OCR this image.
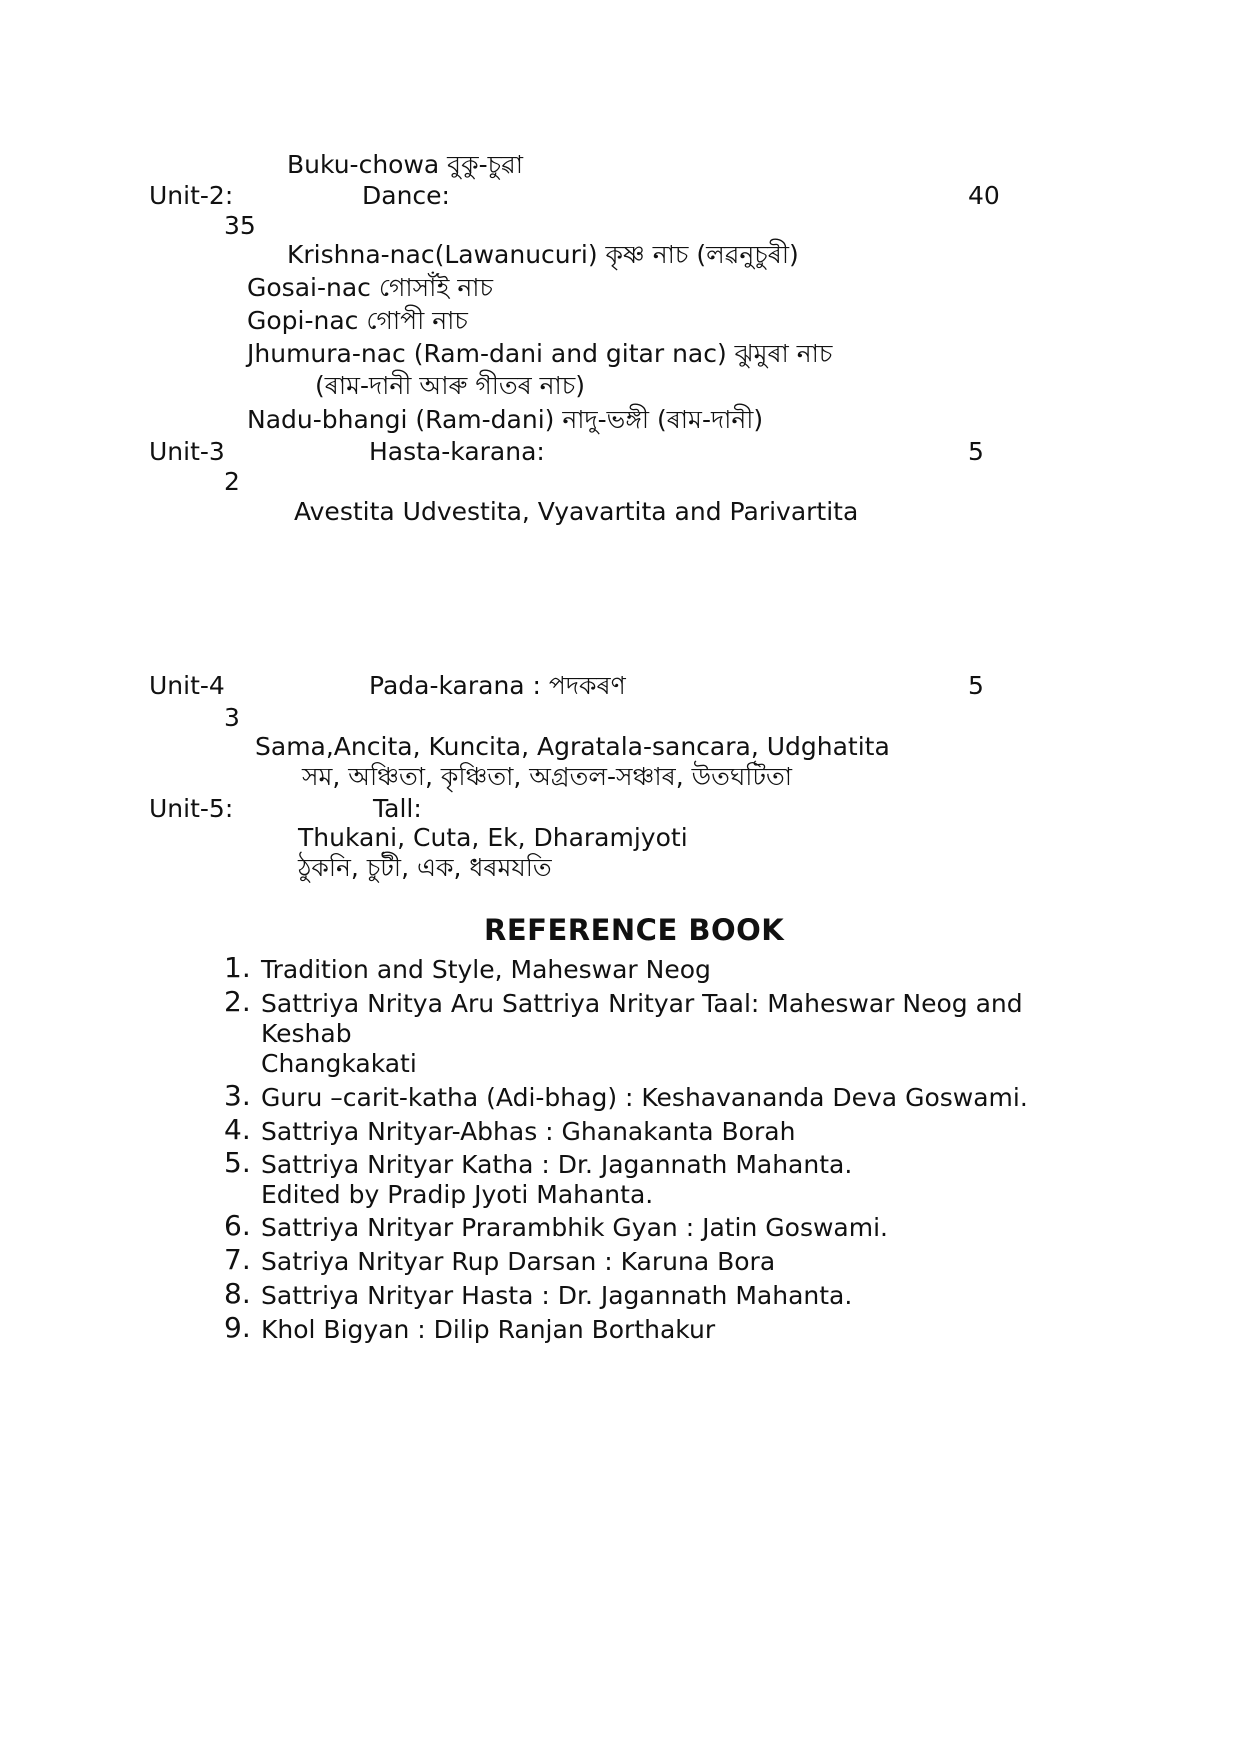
Buku-chowa বুকু-চুৱা
Unit-2:	Dance:	40
35
Krishna-nac(Lawanucuri) কৃষ্ণ নাচ (লৱনুচুৰী)
Gosai-nac গোসাঁই নাচ
Gopi-nac গোপী নাচ
Jhumura-nac (Ram-dani and gitar nac) ঝুমুৰা নাচ
(ৰাম-দানী আৰু গীতৰ নাচ)
Nadu-bhangi (Ram-dani) নাদু-ভঙ্গী (ৰাম-দানী)
Unit-3	Hasta-karana:	5
2
Avestita Udvestita, Vyavartita and Parivartita
Unit-4	Pada-karana : পদকৰণ	5
3
Sama,Ancita, Kuncita, Agratala-sancara, Udghatita
সম, অঞ্চিতা, কৃঞ্চিতা, অগ্ৰতল-সঞ্চাৰ, উতঘটিতা
Unit-5:	Tall:
Thukani, Cuta, Ek, Dharamjyoti
ঠুকনি, চুটী, এক, ধৰমযতি
REFERENCE BOOK
1. Tradition and Style, Maheswar Neog
2. Sattriya Nritya Aru Sattriya Nrityar Taal: Maheswar Neog and
Keshab
Changkakati
3. Guru –carit-katha (Adi-bhag) : Keshavananda Deva Goswami.
4. Sattriya Nrityar-Abhas : Ghanakanta Borah
5. Sattriya Nrityar Katha : Dr. Jagannath Mahanta.
Edited by Pradip Jyoti Mahanta.
6. Sattriya Nrityar Prarambhik Gyan : Jatin Goswami.
7. Satriya Nrityar Rup Darsan : Karuna Bora
8. Sattriya Nrityar Hasta : Dr. Jagannath Mahanta.
9. Khol Bigyan : Dilip Ranjan Borthakur
